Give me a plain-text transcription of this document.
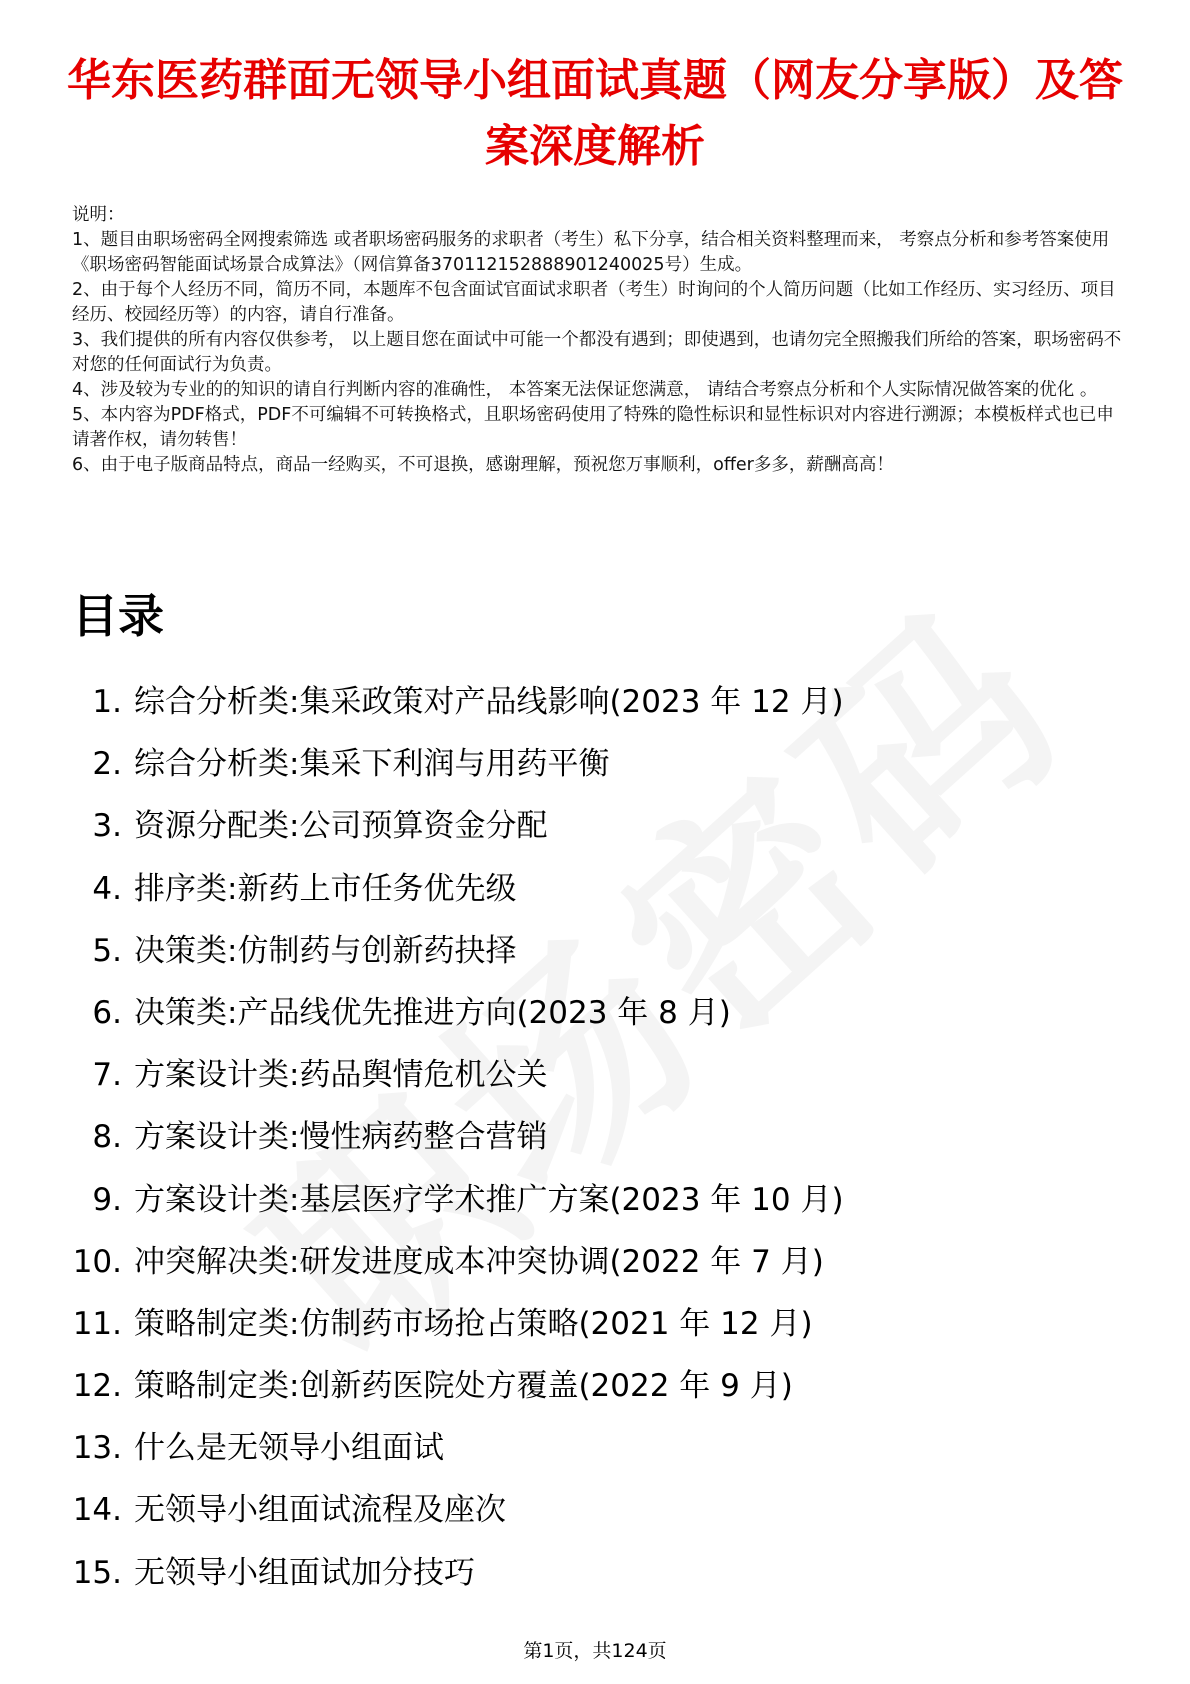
华东医药群面无领导小组面试真题（网友分享版）及答案深度解析

说明：

1、题目由职场密码全网搜索筛选 或者职场密码服务的求职者（考生）私下分享，结合相关资料整理而来， 考察点分析和参考答案使用《职场密码智能面试场景合成算法》（网信算备370112152888901240025号）生成。

2、由于每个人经历不同，简历不同，本题库不包含面试官面试求职者（考生）时询问的个人简历问题（比如工作经历、实习经历、项目经历、校园经历等）的内容，请自行准备。

3、我们提供的所有内容仅供参考， 以上题目您在面试中可能一个都没有遇到；即使遇到，也请勿完全照搬我们所给的答案，职场密码不对您的任何面试行为负责。

4、涉及较为专业的的知识的请自行判断内容的准确性， 本答案无法保证您满意， 请结合考察点分析和个人实际情况做答案的优化 。

5、本内容为PDF格式，PDF不可编辑不可转换格式，且职场密码使用了特殊的隐性标识和显性标识对内容进行溯源；本模板样式也已申请著作权，请勿转售！

6、由于电子版商品特点，商品一经购买，不可退换，感谢理解，预祝您万事顺利，offer多多，薪酬高高！

目录
1. 综合分析类:集采政策对产品线影响(2023 年 12 月)
2. 综合分析类:集采下利润与用药平衡
3. 资源分配类:公司预算资金分配
4. 排序类:新药上市任务优先级
5. 决策类:仿制药与创新药抉择
6. 决策类:产品线优先推进方向(2023 年 8 月)
7. 方案设计类:药品舆情危机公关
8. 方案设计类:慢性病药整合营销
9. 方案设计类:基层医疗学术推广方案(2023 年 10 月)
10. 冲突解决类:研发进度成本冲突协调(2022 年 7 月)
11. 策略制定类:仿制药市场抢占策略(2021 年 12 月)
12. 策略制定类:创新药医院处方覆盖(2022 年 9 月)
13. 什么是无领导小组面试
14. 无领导小组面试流程及座次
15. 无领导小组面试加分技巧
第1页，共124页
